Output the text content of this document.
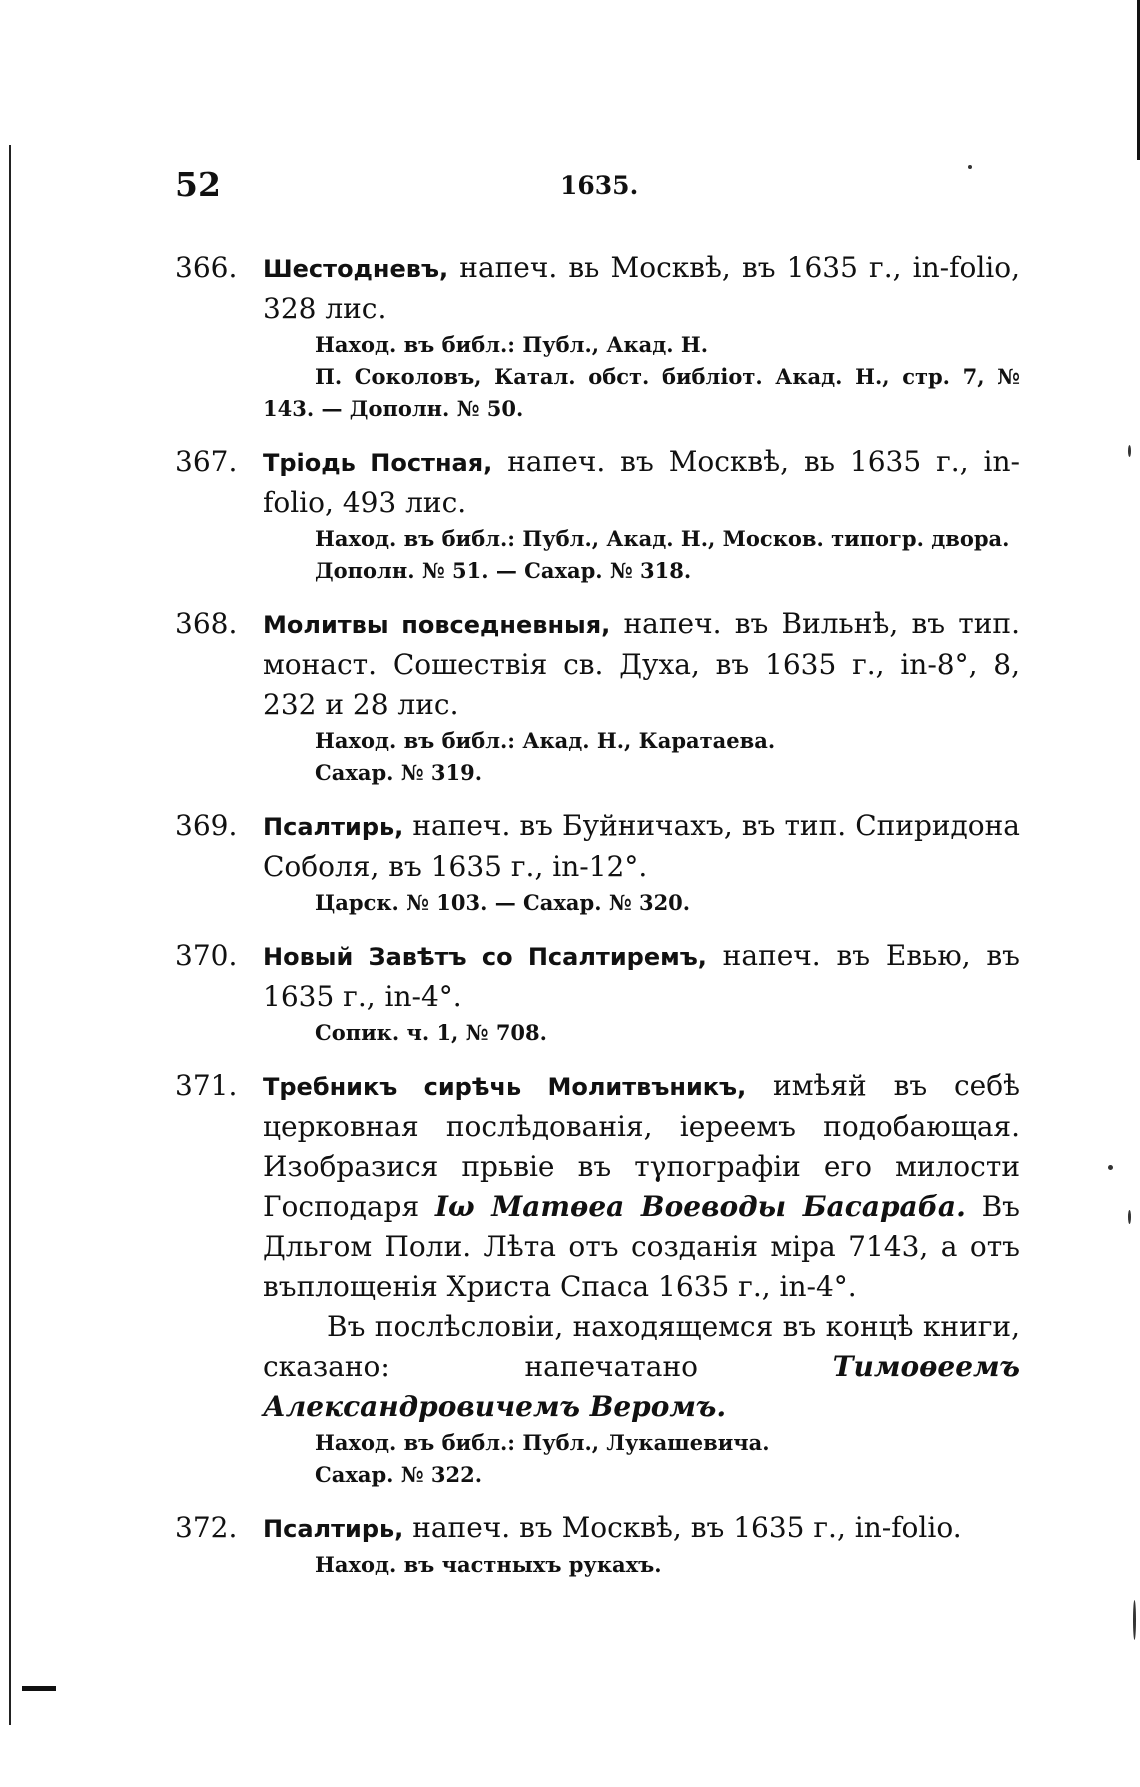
52	1635.
366. Шестодневъ, напеч. вь Москвѣ, въ 1635 г., in-folio, 328 лис.
Наход. въ библ.: Публ., Акад. Н.
П. Соколовъ, Катал. обст. библіот. Акад. Н., стр. 7, № 143. — Дополн. № 50.
367. Тріодь Постная, напеч. въ Москвѣ, вь 1635 г., in-folio, 493 лис.
Наход. въ библ.: Публ., Акад. Н., Москов. типогр. двора.
Дополн. № 51. — Сахар. № 318.
368. Молитвы повседневныя, напеч. въ Вильнѣ, въ тип. монаст. Сошествія св. Духа, въ 1635 г., in-8°, 8, 232 и 28 лис.
Наход. въ библ.: Акад. Н., Каратаева.
Сахар. № 319.
369. Псалтирь, напеч. въ Буйничахъ, въ тип. Спиридона Соболя, въ 1635 г., in-12°.
Царск. № 103. — Сахар. № 320.
370. Новый Завѣтъ со Псалтиремъ, напеч. въ Евью, въ 1635 г., in-4°.
Сопик. ч. 1, № 708.
371. Требникъ сирѣчь Молитвъникъ, имѣяй въ себѣ церковная послѣдованія, іереемъ подобающая. Изобразися прьвіе въ тγпографіи его милости Господаря Іω Матѳеа Воеводы Басараба. Въ Дльгом Поли. Лѣта отъ созданія міра 7143, а отъ въплощенія Христа Спаса 1635 г., in-4°.
Въ послѣсловіи, находящемся въ концѣ книги, сказано: напечатано Тимоѳеемъ Александровичемъ Веромъ.
Наход. въ библ.: Публ., Лукашевича.
Сахар. № 322.
372. Псалтирь, напеч. въ Москвѣ, въ 1635 г., in-folio.
Наход. въ частныхъ рукахъ.
